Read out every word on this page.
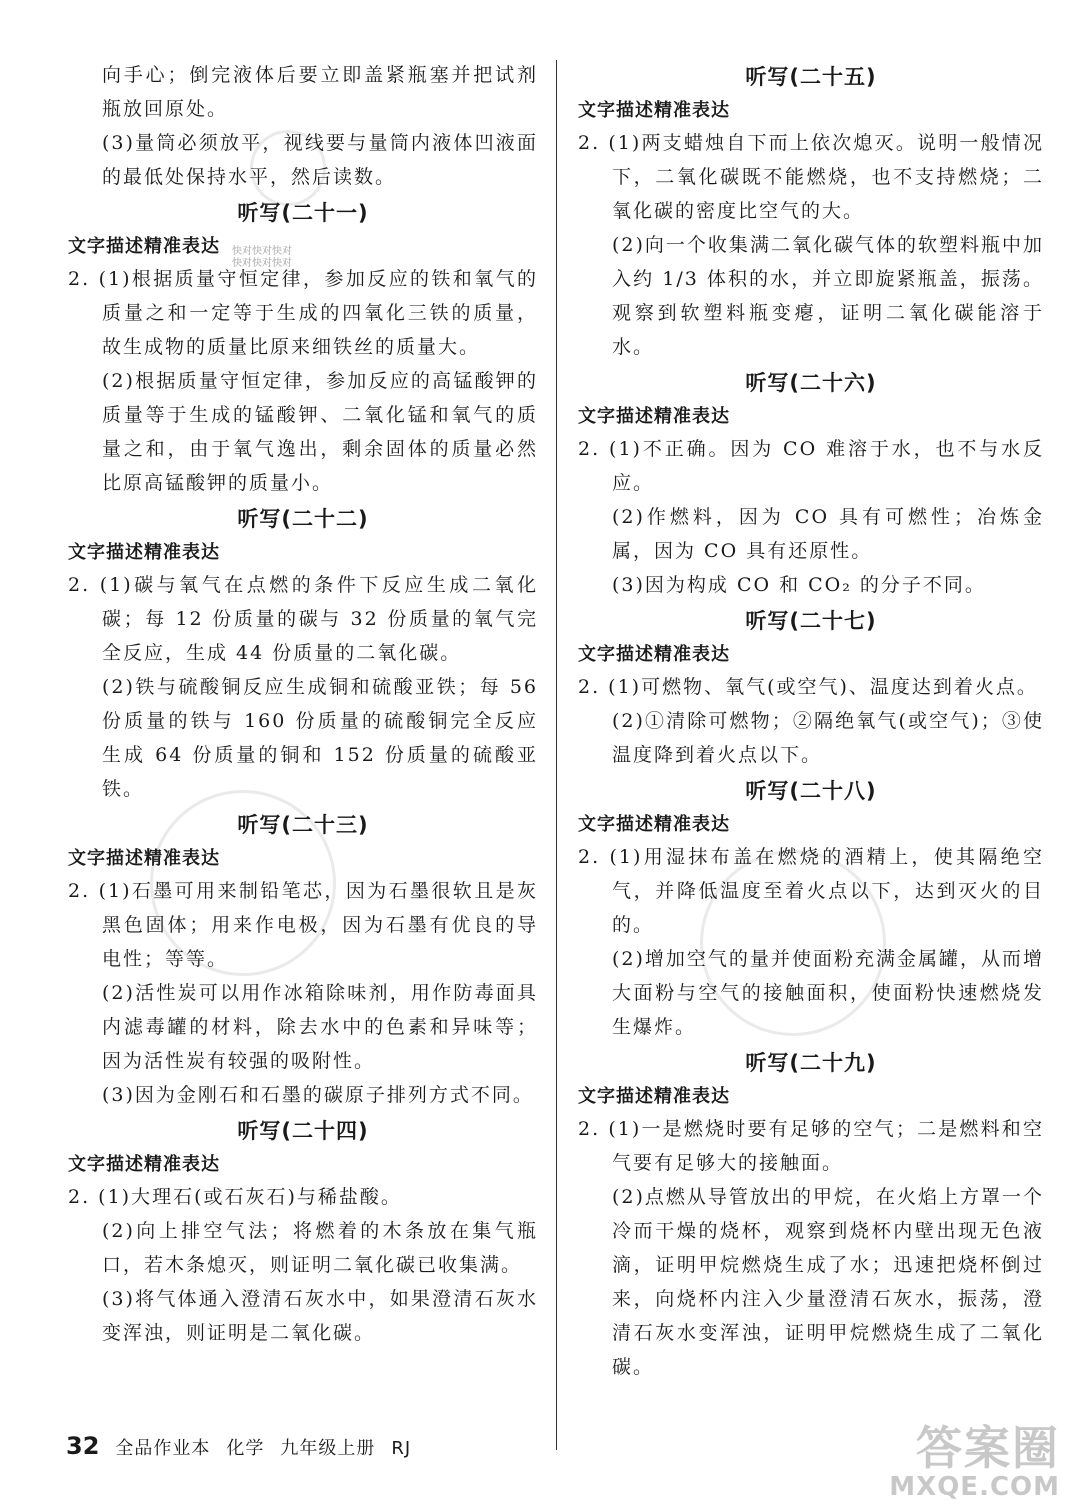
快对快对快对
快对快对快对
向手心；倒完液体后要立即盖紧瓶塞并把试剂瓶放回原处。
(3)量筒必须放平，视线要与量筒内液体凹液面的最低处保持水平，然后读数。
听写(二十一)
文字描述精准表达
2. (1)根据质量守恒定律，参加反应的铁和氧气的质量之和一定等于生成的四氧化三铁的质量，故生成物的质量比原来细铁丝的质量大。
(2)根据质量守恒定律，参加反应的高锰酸钾的质量等于生成的锰酸钾、二氧化锰和氧气的质量之和，由于氧气逸出，剩余固体的质量必然比原高锰酸钾的质量小。
听写(二十二)
文字描述精准表达
2. (1)碳与氧气在点燃的条件下反应生成二氧化碳；每 12 份质量的碳与 32 份质量的氧气完全反应，生成 44 份质量的二氧化碳。
(2)铁与硫酸铜反应生成铜和硫酸亚铁；每 56 份质量的铁与 160 份质量的硫酸铜完全反应生成 64 份质量的铜和 152 份质量的硫酸亚铁。
听写(二十三)
文字描述精准表达
2. (1)石墨可用来制铅笔芯，因为石墨很软且是灰黑色固体；用来作电极，因为石墨有优良的导电性；等等。
(2)活性炭可以用作冰箱除味剂，用作防毒面具内滤毒罐的材料，除去水中的色素和异味等；因为活性炭有较强的吸附性。
(3)因为金刚石和石墨的碳原子排列方式不同。
听写(二十四)
文字描述精准表达
2. (1)大理石(或石灰石)与稀盐酸。
(2)向上排空气法；将燃着的木条放在集气瓶口，若木条熄灭，则证明二氧化碳已收集满。
(3)将气体通入澄清石灰水中，如果澄清石灰水变浑浊，则证明是二氧化碳。
听写(二十五)
文字描述精准表达
2. (1)两支蜡烛自下而上依次熄灭。说明一般情况下，二氧化碳既不能燃烧，也不支持燃烧；二氧化碳的密度比空气的大。
(2)向一个收集满二氧化碳气体的软塑料瓶中加入约 1/3 体积的水，并立即旋紧瓶盖，振荡。观察到软塑料瓶变瘪，证明二氧化碳能溶于水。
听写(二十六)
文字描述精准表达
2. (1)不正确。因为 CO 难溶于水，也不与水反应。
(2)作燃料，因为 CO 具有可燃性；冶炼金属，因为 CO 具有还原性。
(3)因为构成 CO 和 CO₂ 的分子不同。
听写(二十七)
文字描述精准表达
2. (1)可燃物、氧气(或空气)、温度达到着火点。
(2)①清除可燃物；②隔绝氧气(或空气)；③使温度降到着火点以下。
听写(二十八)
文字描述精准表达
2. (1)用湿抹布盖在燃烧的酒精上，使其隔绝空气，并降低温度至着火点以下，达到灭火的目的。
(2)增加空气的量并使面粉充满金属罐，从而增大面粉与空气的接触面积，使面粉快速燃烧发生爆炸。
听写(二十九)
文字描述精准表达
2. (1)一是燃烧时要有足够的空气；二是燃料和空气要有足够大的接触面。
(2)点燃从导管放出的甲烷，在火焰上方罩一个冷而干燥的烧杯，观察到烧杯内壁出现无色液滴，证明甲烷燃烧生成了水；迅速把烧杯倒过来，向烧杯内注入少量澄清石灰水，振荡，澄清石灰水变浑浊，证明甲烷燃烧生成了二氧化碳。
32 全品作业本 化学 九年级上册 RJ	答案圈
MXQE.COM
